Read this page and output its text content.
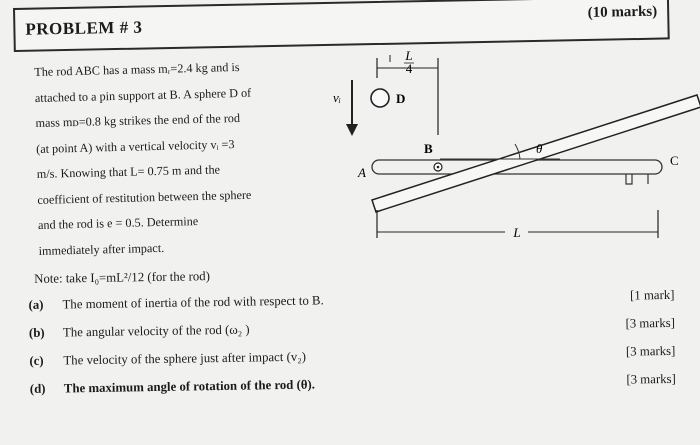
PROBLEM # 3
(10 marks)

The rod ABC has a mass mᵣ=2.4 kg and is

attached to a pin support at B. A sphere D of

mass mᴅ=0.8 kg strikes the end of the rod

(at point A) with a vertical velocity vᵢ =3

m/s. Knowing that L= 0.75 m and the

coefficient of restitution between the sphere

and the rod is e = 0.5. Determine

immediately after impact.

L
4
vᵢ	D
A
C
θ
B
L
Note: take I₀=mL²/12 (for the rod)
(a) The moment of inertia of the rod with respect to B.	[1 mark]
(b) The angular velocity of the rod (ω₂ )	[3 marks]
(c) The velocity of the sphere just after impact (v₂)	[3 marks]
(d) The maximum angle of rotation of the rod (θ).	[3 marks]
